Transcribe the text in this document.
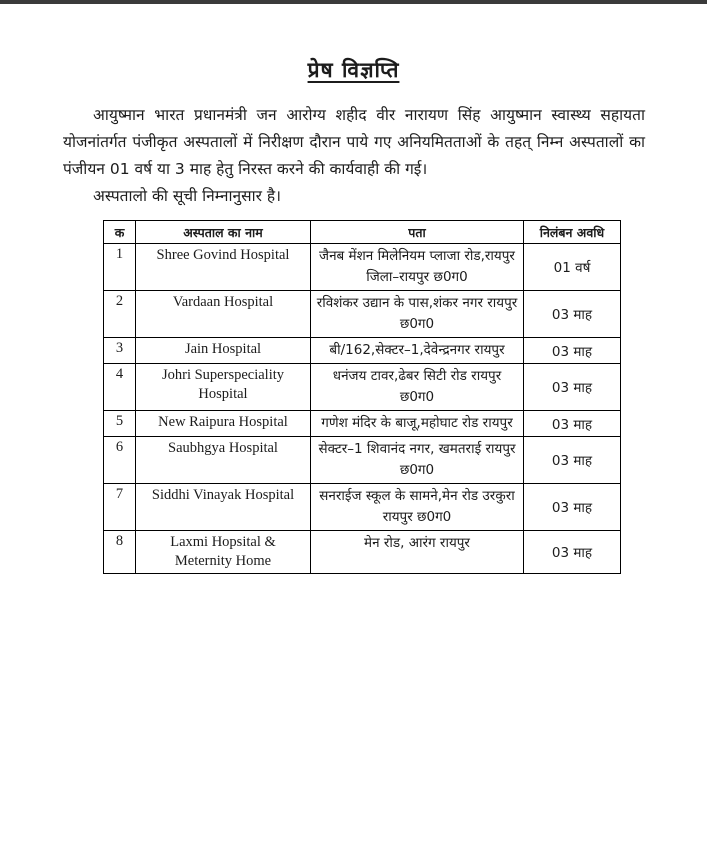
प्रेष विज्ञप्ति

आयुष्मान भारत प्रधानमंत्री जन आरोग्य शहीद वीर नारायण सिंह आयुष्मान स्वास्थ्य सहायता योजनांतर्गत पंजीकृत अस्पतालों में निरीक्षण दौरान पाये गए अनियमितताओं के तहत् निम्न अस्पतालों का पंजीयन 01 वर्ष या 3 माह हेतु निरस्त करने की कार्यवाही की गई।

अस्पतालो की सूची निम्नानुसार है।

क	अस्पताल का नाम	पता	निलंबन अवधि
1	Shree Govind Hospital	जैनब मेंशन मिलेनियम प्लाजा रोड,रायपुर जिला–रायपुर छ0ग0	01 वर्ष
2	Vardaan Hospital	रविशंकर उद्यान के पास,शंकर नगर रायपुर छ0ग0	03 माह
3	Jain Hospital	बी/162,सेक्टर–1,देवेन्द्रनगर रायपुर	03 माह
4	Johri Superspeciality Hospital	धनंजय टावर,ढेबर सिटी रोड रायपुर छ0ग0	03 माह
5	New Raipura Hospital	गणेश मंदिर के बाजू,महोघाट रोड रायपुर	03 माह
6	Saubhgya Hospital	सेक्टर–1 शिवानंद नगर, खमतराई रायपुर छ0ग0	03 माह
7	Siddhi Vinayak Hospital	सनराईज स्कूल के सामने,मेन रोड उरकुरा रायपुर छ0ग0	03 माह
8	Laxmi Hopsital & Meternity Home	मेन रोड, आरंग रायपुर	03 माह
